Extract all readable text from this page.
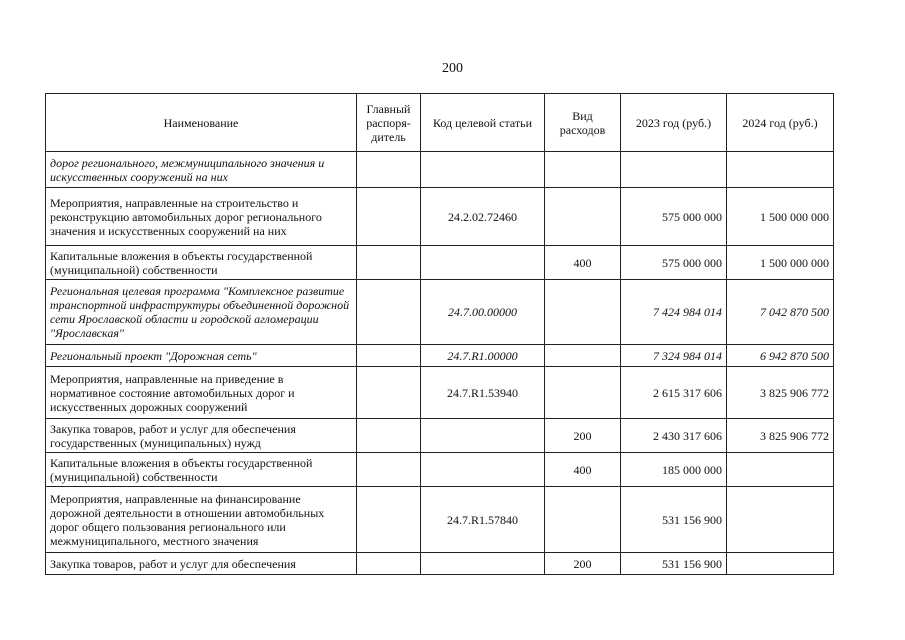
200
Наименование	Главный распоря-дитель	Код целевой статьи	Вид расходов	2023 год (руб.)	2024 год (руб.)
дорог регионального, межмуниципального значения и искусственных сооружений на них					
Мероприятия, направленные на строительство и реконструкцию автомобильных дорог регионального значения и искусственных сооружений на них		24.2.02.72460		575 000 000	1 500 000 000
Капитальные вложения в объекты государственной (муниципальной) собственности			400	575 000 000	1 500 000 000
Региональная целевая программа "Комплексное развитие транспортной инфраструктуры объединенной дорожной сети Ярославской области и городской агломерации "Ярославская"		24.7.00.00000		7 424 984 014	7 042 870 500
Региональный проект "Дорожная сеть"		24.7.R1.00000		7 324 984 014	6 942 870 500
Мероприятия, направленные на приведение в нормативное состояние автомобильных дорог и искусственных дорожных сооружений		24.7.R1.53940		2 615 317 606	3 825 906 772
Закупка товаров, работ и услуг для обеспечения государственных (муниципальных) нужд			200	2 430 317 606	3 825 906 772
Капитальные вложения в объекты государственной (муниципальной) собственности			400	185 000 000	
Мероприятия, направленные на финансирование дорожной деятельности в отношении автомобильных дорог общего пользования регионального или межмуниципального, местного значения		24.7.R1.57840		531 156 900	
Закупка товаров, работ и услуг для обеспечения			200	531 156 900	
